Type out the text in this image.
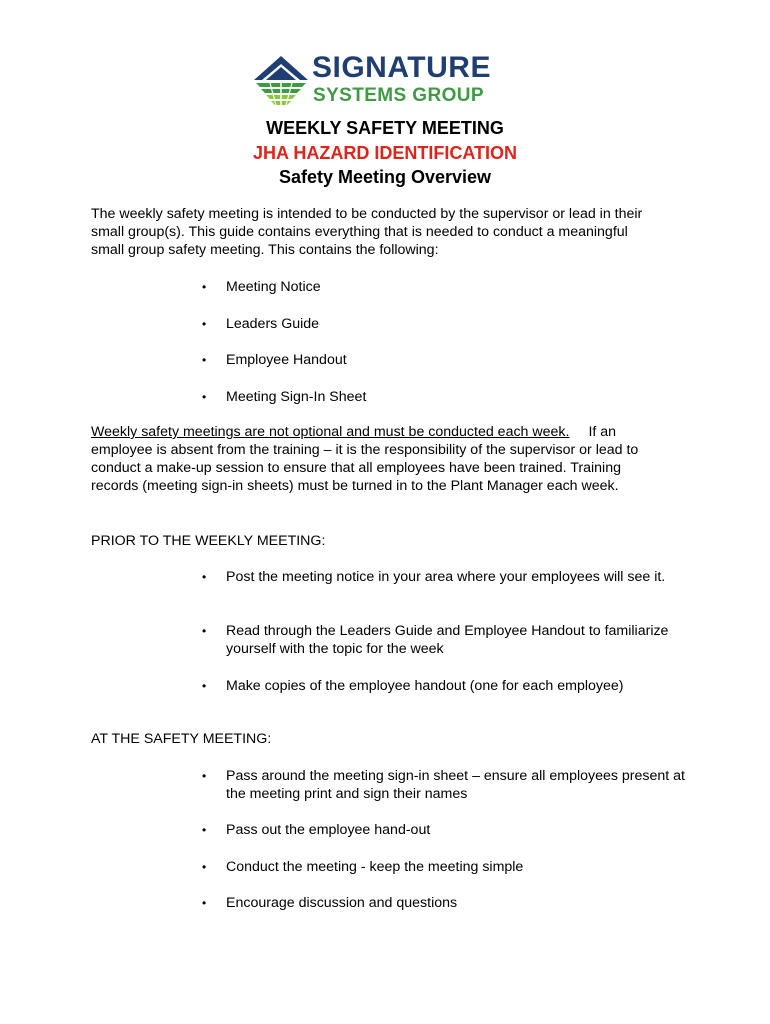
SIGNATURE
SYSTEMS GROUP
WEEKLY SAFETY MEETING
JHA HAZARD IDENTIFICATION
Safety Meeting Overview
The weekly safety meeting is intended to be conducted by the supervisor or lead in their
small group(s). This guide contains everything that is needed to conduct a meaningful
small group safety meeting. This contains the following:
•	Meeting Notice
•	Leaders Guide
•	Employee Handout
•	Meeting Sign-In Sheet
Weekly safety meetings are not optional and must be conducted each week. If an
employee is absent from the training – it is the responsibility of the supervisor or lead to
conduct a make-up session to ensure that all employees have been trained. Training
records (meeting sign-in sheets) must be turned in to the Plant Manager each week.
PRIOR TO THE WEEKLY MEETING:
•	Post the meeting notice in your area where your employees will see it.
•	Read through the Leaders Guide and Employee Handout to familiarize yourself with the topic for the week
•	Make copies of the employee handout (one for each employee)
AT THE SAFETY MEETING:
•	Pass around the meeting sign-in sheet – ensure all employees present at the meeting print and sign their names
•	Pass out the employee hand-out
•	Conduct the meeting - keep the meeting simple
•	Encourage discussion and questions
